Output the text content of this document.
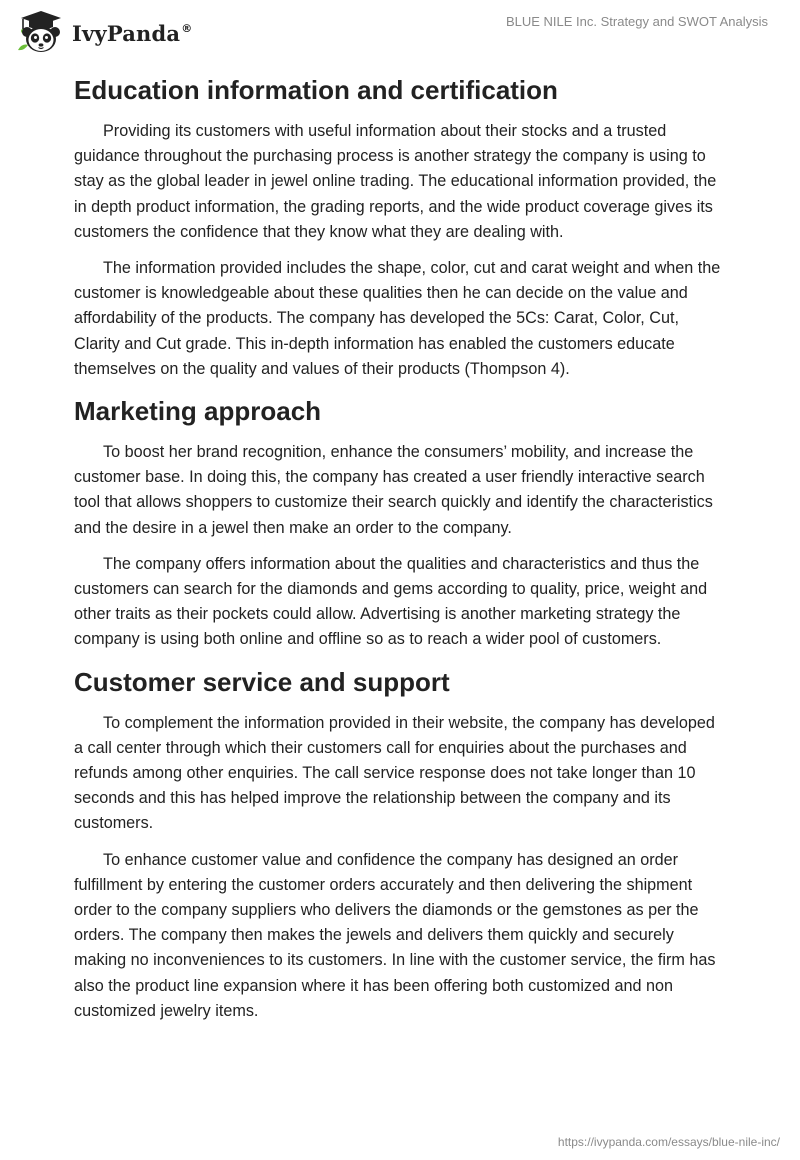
IvyPanda®	BLUE NILE Inc. Strategy and SWOT Analysis
Education information and certification

Providing its customers with useful information about their stocks and a trusted guidance throughout the purchasing process is another strategy the company is using to stay as the global leader in jewel online trading. The educational information provided, the in depth product information, the grading reports, and the wide product coverage gives its customers the confidence that they know what they are dealing with.

The information provided includes the shape, color, cut and carat weight and when the customer is knowledgeable about these qualities then he can decide on the value and affordability of the products. The company has developed the 5Cs: Carat, Color, Cut, Clarity and Cut grade. This in-depth information has enabled the customers educate themselves on the quality and values of their products (Thompson 4).

Marketing approach

To boost her brand recognition, enhance the consumers’ mobility, and increase the customer base. In doing this, the company has created a user friendly interactive search tool that allows shoppers to customize their search quickly and identify the characteristics and the desire in a jewel then make an order to the company.

The company offers information about the qualities and characteristics and thus the customers can search for the diamonds and gems according to quality, price, weight and other traits as their pockets could allow. Advertising is another marketing strategy the company is using both online and offline so as to reach a wider pool of customers.

Customer service and support

To complement the information provided in their website, the company has developed a call center through which their customers call for enquiries about the purchases and refunds among other enquiries. The call service response does not take longer than 10 seconds and this has helped improve the relationship between the company and its customers.

To enhance customer value and confidence the company has designed an order fulfillment by entering the customer orders accurately and then delivering the shipment order to the company suppliers who delivers the diamonds or the gemstones as per the orders. The company then makes the jewels and delivers them quickly and securely making no inconveniences to its customers. In line with the customer service, the firm has also the product line expansion where it has been offering both customized and non customized jewelry items.

https://ivypanda.com/essays/blue-nile-inc/
